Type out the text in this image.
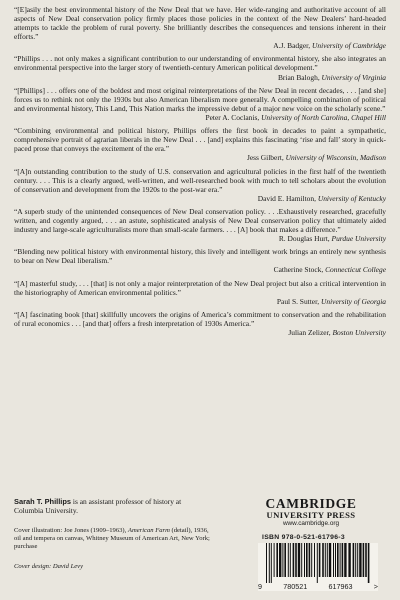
“[E]asily the best environmental history of the New Deal that we have. Her wide-ranging and authoritative account of all aspects of New Deal conservation policy firmly places those policies in the context of the New Dealers’ hard-headed attempts to tackle the problem of rural poverty. She brilliantly describes the consequences and tensions inherent in their efforts.”
A.J. Badger, University of Cambridge
“Phillips . . . not only makes a significant contribution to our understanding of environmental history, she also integrates an environmental perspective into the larger story of twentieth-century American political development.”
Brian Balogh, University of Virginia
“[Phillips] . . . offers one of the boldest and most original reinterpretations of the New Deal in recent decades, . . . [and she] forces us to rethink not only the 1930s but also American liberalism more generally. A compelling combination of political and environmental history, This Land, This Nation marks the impressive debut of a major new voice on the scholarly scene.”
Peter A. Coclanis, University of North Carolina, Chapel Hill
“Combining environmental and political history, Phillips offers the first book in decades to paint a sympathetic, comprehensive portrait of agrarian liberals in the New Deal . . . [and] explains this fascinating ‘rise and fall’ story in quick-paced prose that conveys the excitement of the era.”
Jess Gilbert, University of Wisconsin, Madison
“[A]n outstanding contribution to the study of U.S. conservation and agricultural policies in the first half of the twentieth century. . . . This is a clearly argued, well-written, and well-researched book with much to tell scholars about the evolution of conservation and development from the 1920s to the post-war era.”
David E. Hamilton, University of Kentucky
“A superb study of the unintended consequences of New Deal conservation policy. . . .Exhaustively researched, gracefully written, and cogently argued, . . . an astute, sophisticated analysis of New Deal conservation policy that ultimately aided industry and large-scale agriculturalists more than small-scale farmers. . . . [A] book that makes a difference.”
R. Douglas Hurt, Purdue University
“Blending new political history with environmental history, this lively and intelligent work brings an entirely new synthesis to bear on New Deal liberalism.”
Catherine Stock, Connecticut College
“[A] masterful study, . . . [that] is not only a major reinterpretation of the New Deal project but also a critical intervention in the historiography of American environmental politics.”
Paul S. Sutter, University of Georgia
“[A] fascinating book [that] skillfully uncovers the origins of America’s commitment to conservation and the rehabilitation of rural economics . . . [and that] offers a fresh interpretation of 1930s America.”
Julian Zelizer, Boston University
Sarah T. Phillips is an assistant professor of history at Columbia University.
Cover illustration: Joe Jones (1909–1963), American Farm (detail), 1936, oil and tempera on canvas, Whitney Museum of American Art, New York; purchase
Cover design: David Levy
CAMBRIDGE
UNIVERSITY PRESS
www.cambridge.org
ISBN 978-0-521-61796-3
9	780521	617963	>
